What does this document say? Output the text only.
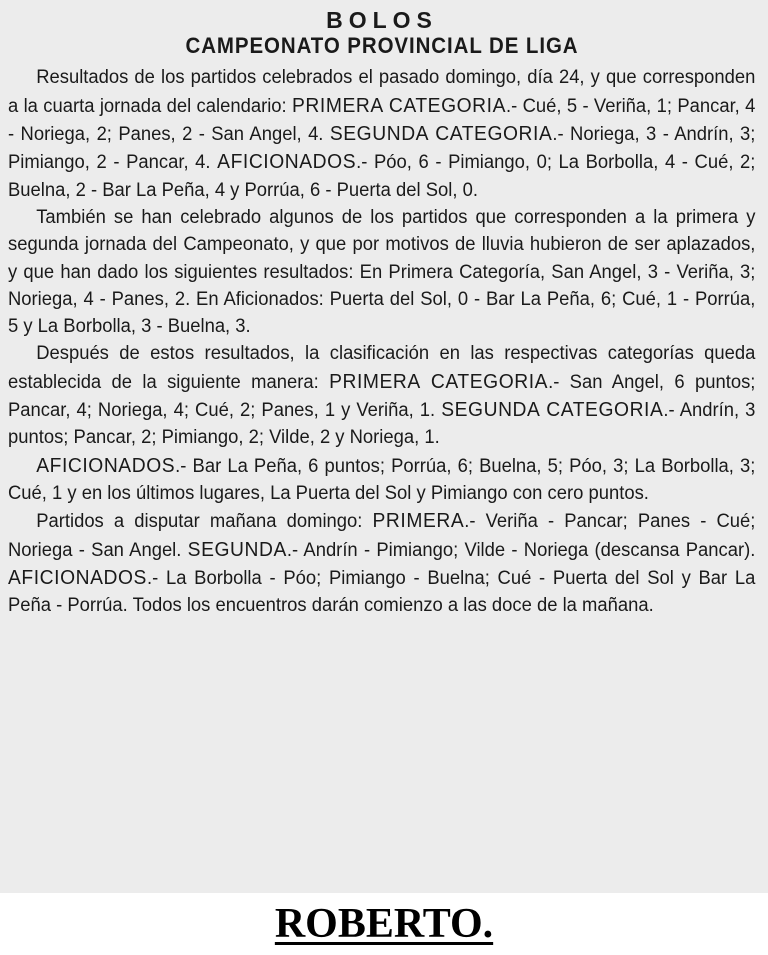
BOLOS
CAMPEONATO PROVINCIAL DE LIGA

Resultados de los partidos celebrados el pasado domingo, día 24, y que corresponden a la cuarta jornada del calendario: PRIMERA CATEGORIA.- Cué, 5 - Veriña, 1; Pancar, 4 - Noriega, 2; Panes, 2 - San Angel, 4. SEGUNDA CATEGORIA.- Noriega, 3 - Andrín, 3; Pimiango, 2 - Pancar, 4. AFICIONADOS.- Póo, 6 - Pimiango, 0; La Borbolla, 4 - Cué, 2; Buelna, 2 - Bar La Peña, 4 y Porrúa, 6 - Puerta del Sol, 0.

También se han celebrado algunos de los partidos que corresponden a la primera y segunda jornada del Campeonato, y que por motivos de lluvia hubieron de ser aplazados, y que han dado los siguientes resultados: En Primera Categoría, San Angel, 3 - Veriña, 3; Noriega, 4 - Panes, 2. En Aficionados: Puerta del Sol, 0 - Bar La Peña, 6; Cué, 1 - Porrúa, 5 y La Borbolla, 3 - Buelna, 3.

Después de estos resultados, la clasificación en las respectivas categorías queda establecida de la siguiente manera: PRIMERA CATEGORIA.- San Angel, 6 puntos; Pancar, 4; Noriega, 4; Cué, 2; Panes, 1 y Veriña, 1. SEGUNDA CATEGORIA.- Andrín, 3 puntos; Pancar, 2; Pimiango, 2; Vilde, 2 y Noriega, 1.

AFICIONADOS.- Bar La Peña, 6 puntos; Porrúa, 6; Buelna, 5; Póo, 3; La Borbolla, 3; Cué, 1 y en los últimos lugares, La Puerta del Sol y Pimiango con cero puntos.

Partidos a disputar mañana domingo: PRIMERA.- Veriña - Pancar; Panes - Cué; Noriega - San Angel. SEGUNDA.- Andrín - Pimiango; Vilde - Noriega (descansa Pancar). AFICIONADOS.- La Borbolla - Póo; Pimiango - Buelna; Cué - Puerta del Sol y Bar La Peña - Porrúa. Todos los encuentros darán comienzo a las doce de la mañana.

ROBERTO.
